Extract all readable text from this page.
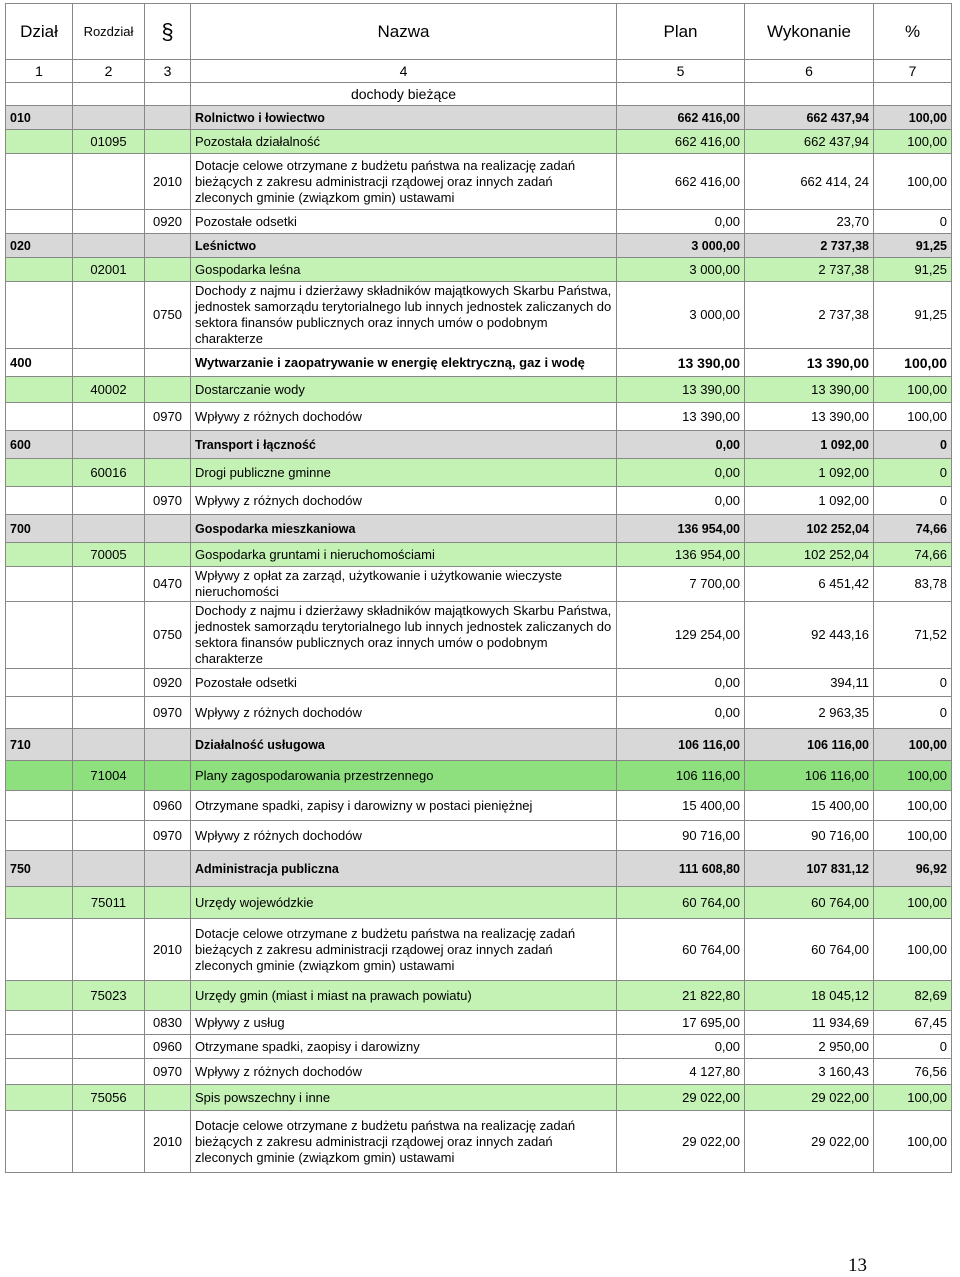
Dział	Rozdział	§	Nazwa	Plan	Wykonanie	%
1	2	3	4	5	6	7
			dochody bieżące			
010			Rolnictwo i łowiectwo	662 416,00	662 437,94	100,00
	01095		Pozostała działalność	662 416,00	662 437,94	100,00
		2010	Dotacje celowe otrzymane z budżetu państwa na realizację zadań bieżących z zakresu administracji rządowej oraz innych zadań zleconych gminie (związkom gmin) ustawami	662 416,00	662 414, 24	100,00
		0920	Pozostałe odsetki	0,00	23,70	0
020			Leśnictwo	3 000,00	2 737,38	91,25
	02001		Gospodarka leśna	3 000,00	2 737,38	91,25
		0750	Dochody z najmu i dzierżawy składników majątkowych Skarbu Państwa, jednostek samorządu terytorialnego lub innych jednostek zaliczanych do sektora finansów publicznych oraz innych umów o podobnym charakterze	3 000,00	2 737,38	91,25
400			Wytwarzanie i zaopatrywanie w energię elektryczną, gaz i wodę	13 390,00	13 390,00	100,00
	40002		Dostarczanie wody	13 390,00	13 390,00	100,00
		0970	Wpływy z różnych dochodów	13 390,00	13 390,00	100,00
600			Transport i łączność	0,00	1 092,00	0
	60016		Drogi publiczne gminne	0,00	1 092,00	0
		0970	Wpływy z różnych dochodów	0,00	1 092,00	0
700			Gospodarka mieszkaniowa	136 954,00	102 252,04	74,66
	70005		Gospodarka gruntami i nieruchomościami	136 954,00	102 252,04	74,66
		0470	Wpływy z opłat za zarząd, użytkowanie i użytkowanie wieczyste nieruchomości	7 700,00	6 451,42	83,78
		0750	Dochody z najmu i dzierżawy składników majątkowych Skarbu Państwa, jednostek samorządu terytorialnego lub innych jednostek zaliczanych do sektora finansów publicznych oraz innych umów o podobnym charakterze	129 254,00	92 443,16	71,52
		0920	Pozostałe odsetki	0,00	394,11	0
		0970	Wpływy z różnych dochodów	0,00	2 963,35	0
710			Działalność usługowa	106 116,00	106 116,00	100,00
	71004		Plany zagospodarowania przestrzennego	106 116,00	106 116,00	100,00
		0960	Otrzymane spadki, zapisy i darowizny w postaci pieniężnej	15 400,00	15 400,00	100,00
		0970	Wpływy z różnych dochodów	90 716,00	90 716,00	100,00
750			Administracja publiczna	111 608,80	107 831,12	96,92
	75011		Urzędy wojewódzkie	60 764,00	60 764,00	100,00
		2010	Dotacje celowe otrzymane z budżetu państwa na realizację zadań bieżących z zakresu administracji rządowej oraz innych zadań zleconych gminie (związkom gmin) ustawami	60 764,00	60 764,00	100,00
	75023		Urzędy gmin (miast i miast na prawach powiatu)	21 822,80	18 045,12	82,69
		0830	Wpływy z usług	17 695,00	11 934,69	67,45
		0960	Otrzymane spadki, zaopisy i darowizny	0,00	2 950,00	0
		0970	Wpływy z różnych dochodów	4 127,80	3 160,43	76,56
	75056		Spis powszechny i inne	29 022,00	29 022,00	100,00
		2010	Dotacje celowe otrzymane z budżetu państwa na realizację zadań bieżących z zakresu administracji rządowej oraz innych zadań zleconych gminie (związkom gmin) ustawami	29 022,00	29 022,00	100,00
13
